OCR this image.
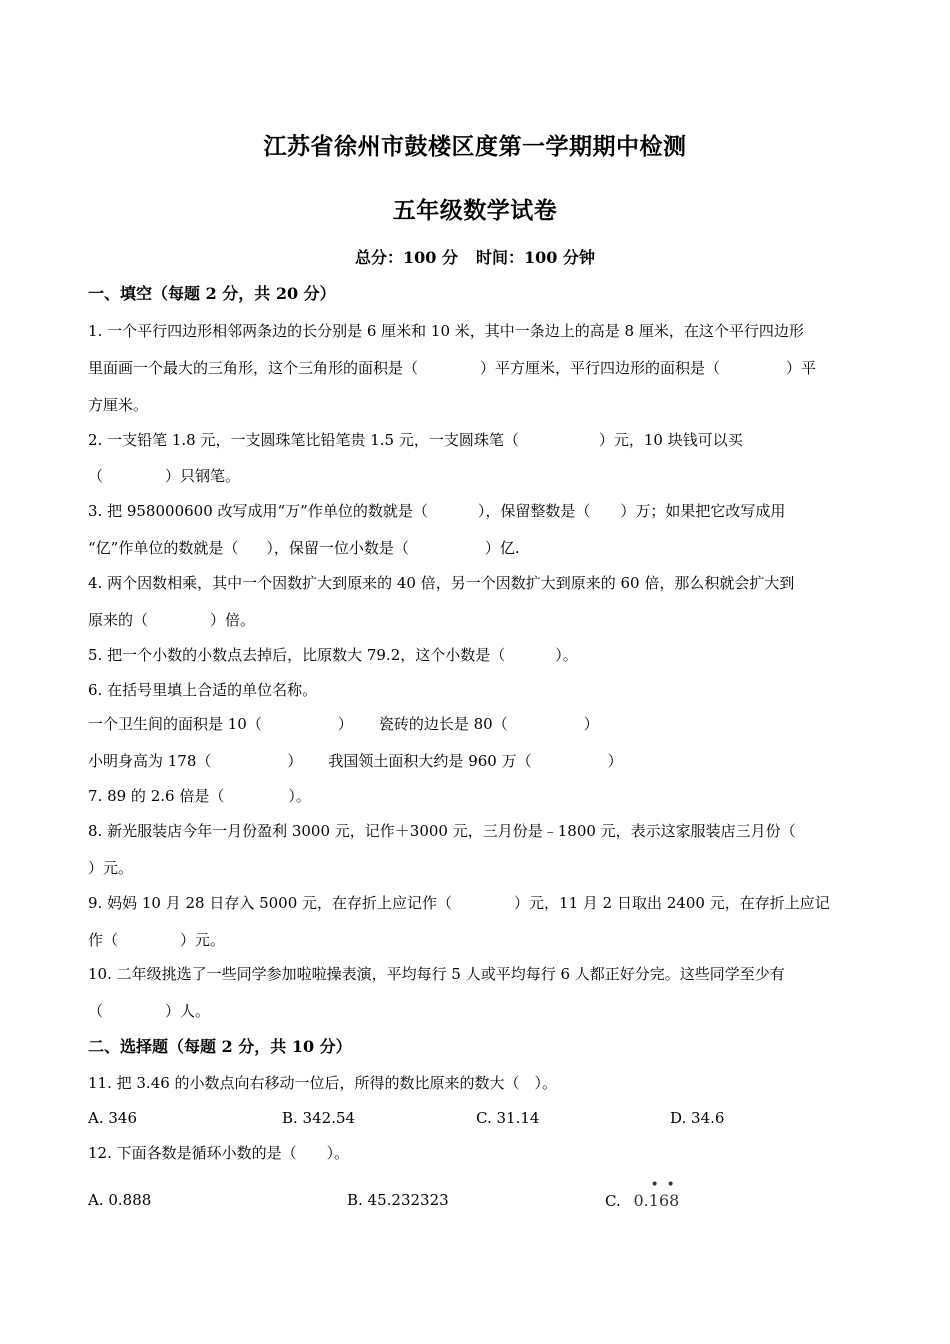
江苏省徐州市鼓楼区度第一学期期中检测
五年级数学试卷
总分：100 分 时间：100 分钟
一、填空（每题 2 分，共 20 分）
1. 一个平行四边形相邻两条边的长分别是 6 厘米和 10 米，其中一条边上的高是 8 厘米，在这个平行四边形
里面画一个最大的三角形，这个三角形的面积是（	）平方厘米，平行四边形的面积是（	）平
方厘米。
2. 一支铅笔 1.8 元，一支圆珠笔比铅笔贵 1.5 元，一支圆珠笔（	）元，10 块钱可以买
（	）只钢笔。
3. 把 958000600 改写成用“万”作单位的数就是（	），保留整数是（ ）万；如果把它改写成用
“亿”作单位的数就是（ ），保留一位小数是（	）亿.
4. 两个因数相乘，其中一个因数扩大到原来的 40 倍，另一个因数扩大到原来的 60 倍，那么积就会扩大到
原来的（	）倍。
5. 把一个小数的小数点去掉后，比原数大 79.2，这个小数是（	）。
6. 在括号里填上合适的单位名称。
一个卫生间的面积是 10（	） 瓷砖的边长是 80（	）
小明身高为 178（	） 我国领土面积大约是 960 万（	）
7. 89 的 2.6 倍是（	）。
8. 新光服装店今年一月份盈利 3000 元，记作＋3000 元，三月份是﹣1800 元，表示这家服装店三月份（
）元。
9. 妈妈 10 月 28 日存入 5000 元，在存折上应记作（	）元，11 月 2 日取出 2400 元，在存折上应记
作（	）元。
10. 二年级挑选了一些同学参加啦啦操表演，平均每行 5 人或平均每行 6 人都正好分完。这些同学至少有
（	）人。
二、选择题（每题 2 分，共 10 分）
11. 把 3.46 的小数点向右移动一位后，所得的数比原来的数大（　）。
A. 346	B. 342.54	C. 31.14	D. 34.6
12. 下面各数是循环小数的是（　　）。
A. 0.888	B. 45.232323	C. 0.168
• •
